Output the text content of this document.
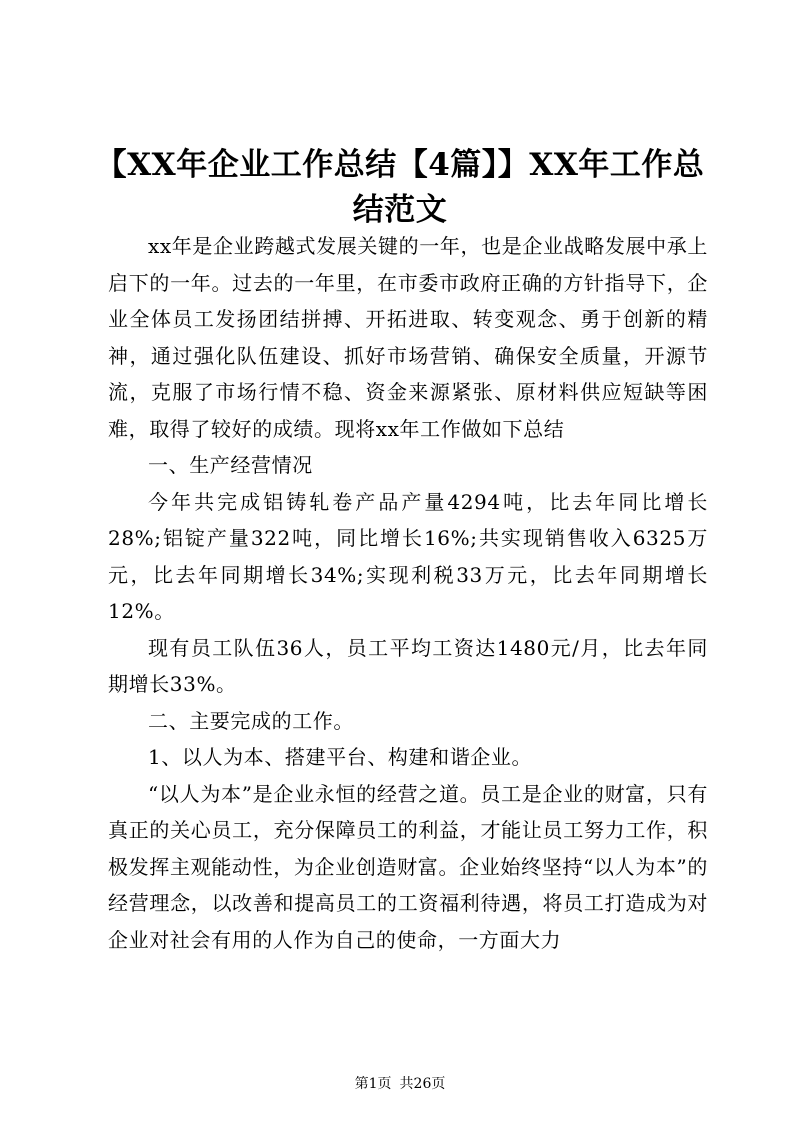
【XX年企业工作总结【4篇】】XX年工作总结范文

xx年是企业跨越式发展关键的一年，也是企业战略发展中承上启下的一年。过去的一年里，在市委市政府正确的方针指导下，企业全体员工发扬团结拼搏、开拓进取、转变观念、勇于创新的精神，通过强化队伍建设、抓好市场营销、确保安全质量，开源节流，克服了市场行情不稳、资金来源紧张、原材料供应短缺等困难，取得了较好的成绩。现将xx年工作做如下总结

一、生产经营情况

今年共完成铝铸轧卷产品产量4294吨，比去年同比增长28%;铝锭产量322吨，同比增长16%;共实现销售收入6325万元，比去年同期增长34%;实现利税33万元，比去年同期增长12%。

现有员工队伍36人，员工平均工资达1480元/月，比去年同期增长33%。

二、主要完成的工作。

1、以人为本、搭建平台、构建和谐企业。

“以人为本”是企业永恒的经营之道。员工是企业的财富，只有真正的关心员工，充分保障员工的利益，才能让员工努力工作，积极发挥主观能动性，为企业创造财富。企业始终坚持“以人为本”的经营理念，以改善和提高员工的工资福利待遇，将员工打造成为对企业对社会有用的人作为自己的使命，一方面大力

第1页 共26页
